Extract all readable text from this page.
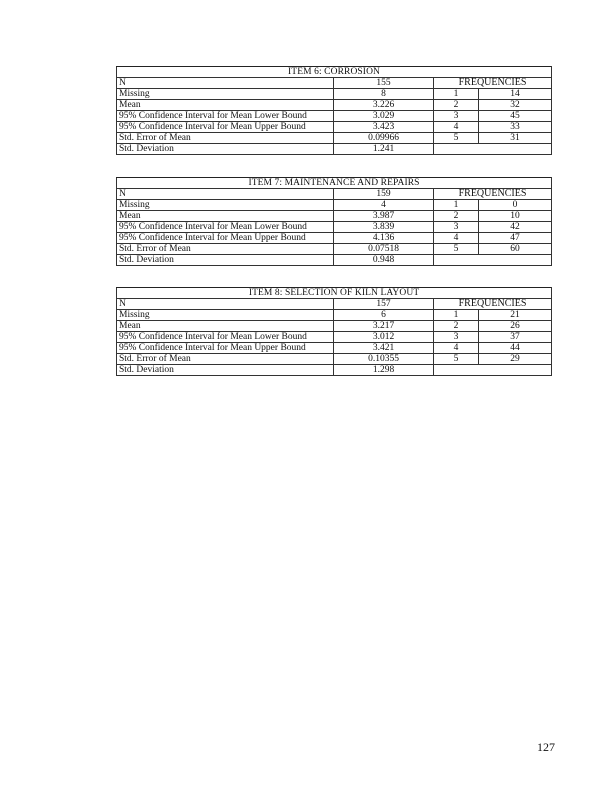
ITEM 6: CORROSION			
N	155	FREQUENCIES	
Missing	8	1	14
Mean	3.226	2	32
95% Confidence Interval for Mean Lower Bound	3.029	3	45
95% Confidence Interval for Mean Upper Bound	3.423	4	33
Std. Error of Mean	0.09966	5	31
Std. Deviation	1.241		
ITEM 7: MAINTENANCE AND REPAIRS			
N	159	FREQUENCIES	
Missing	4	1	0
Mean	3.987	2	10
95% Confidence Interval for Mean Lower Bound	3.839	3	42
95% Confidence Interval for Mean Upper Bound	4.136	4	47
Std. Error of Mean	0.07518	5	60
Std. Deviation	0.948		
ITEM 8: SELECTION OF KILN LAYOUT			
N	157	FREQUENCIES	
Missing	6	1	21
Mean	3.217	2	26
95% Confidence Interval for Mean Lower Bound	3.012	3	37
95% Confidence Interval for Mean Upper Bound	3.421	4	44
Std. Error of Mean	0.10355	5	29
Std. Deviation	1.298		
127
